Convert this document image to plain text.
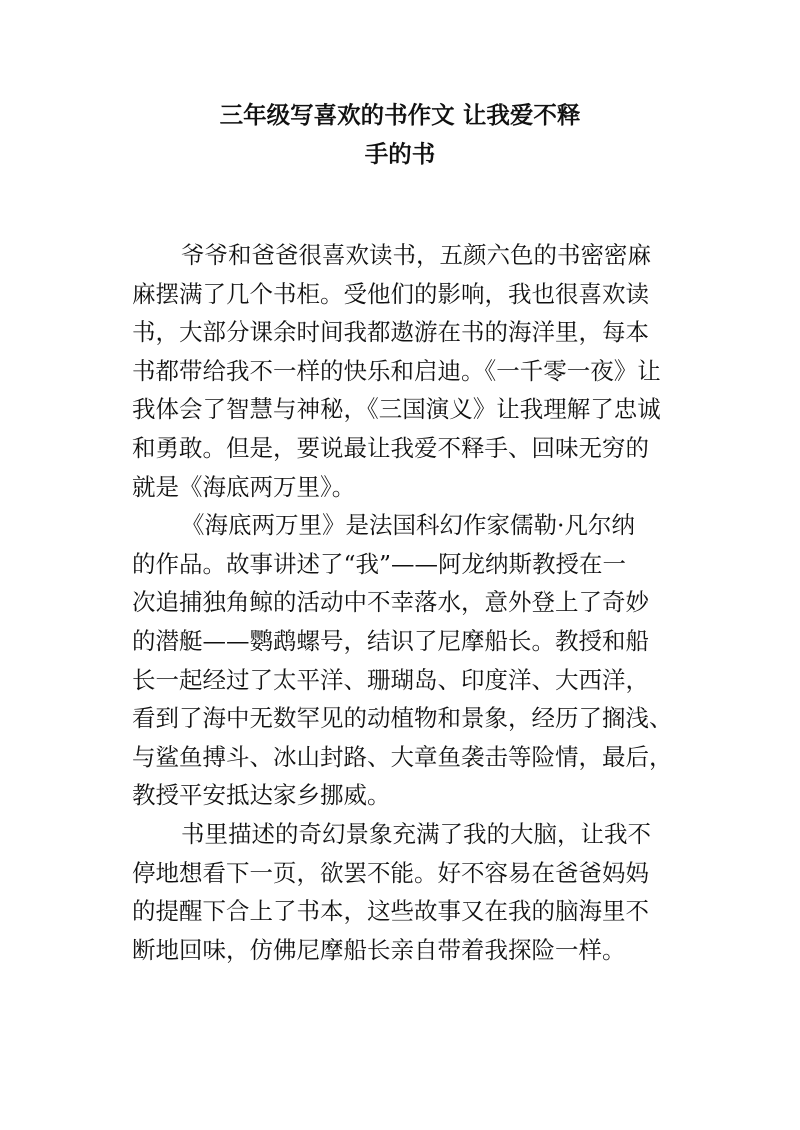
三年级写喜欢的书作文 让我爱不释
手的书
爷爷和爸爸很喜欢读书，五颜六色的书密密麻
麻摆满了几个书柜。受他们的影响，我也很喜欢读
书，大部分课余时间我都遨游在书的海洋里，每本
书都带给我不一样的快乐和启迪。《一千零一夜》让
我体会了智慧与神秘，《三国演义》让我理解了忠诚
和勇敢。但是，要说最让我爱不释手、回味无穷的
就是《海底两万里》。
《海底两万里》是法国科幻作家儒勒·凡尔纳
的作品。故事讲述了“我”——阿龙纳斯教授在一
次追捕独角鲸的活动中不幸落水，意外登上了奇妙
的潜艇——鹦鹉螺号，结识了尼摩船长。教授和船
长一起经过了太平洋、珊瑚岛、印度洋、大西洋，
看到了海中无数罕见的动植物和景象，经历了搁浅、
与鲨鱼搏斗、冰山封路、大章鱼袭击等险情，最后，
教授平安抵达家乡挪威。
书里描述的奇幻景象充满了我的大脑，让我不
停地想看下一页，欲罢不能。好不容易在爸爸妈妈
的提醒下合上了书本，这些故事又在我的脑海里不
断地回味，仿佛尼摩船长亲自带着我探险一样。
